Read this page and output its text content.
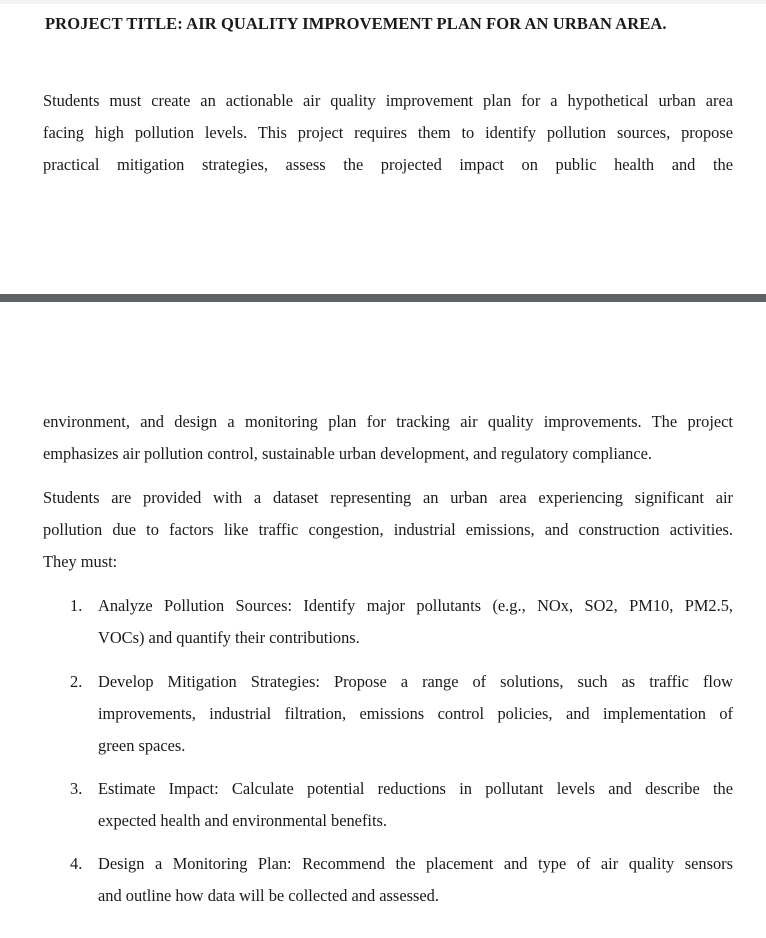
PROJECT TITLE: AIR QUALITY IMPROVEMENT PLAN FOR AN URBAN AREA.
Students must create an actionable air quality improvement plan for a hypothetical urban area
facing high pollution levels. This project requires them to identify pollution sources, propose
practical mitigation strategies, assess the projected impact on public health and the
environment, and design a monitoring plan for tracking air quality improvements. The project
emphasizes air pollution control, sustainable urban development, and regulatory compliance.
Students are provided with a dataset representing an urban area experiencing significant air
pollution due to factors like traffic congestion, industrial emissions, and construction activities.
They must:
1. Analyze Pollution Sources: Identify major pollutants (e.g., NOx, SO2, PM10, PM2.5,
VOCs) and quantify their contributions.
2. Develop Mitigation Strategies: Propose a range of solutions, such as traffic flow
improvements, industrial filtration, emissions control policies, and implementation of
green spaces.
3. Estimate Impact: Calculate potential reductions in pollutant levels and describe the
expected health and environmental benefits.
4. Design a Monitoring Plan: Recommend the placement and type of air quality sensors
and outline how data will be collected and assessed.
